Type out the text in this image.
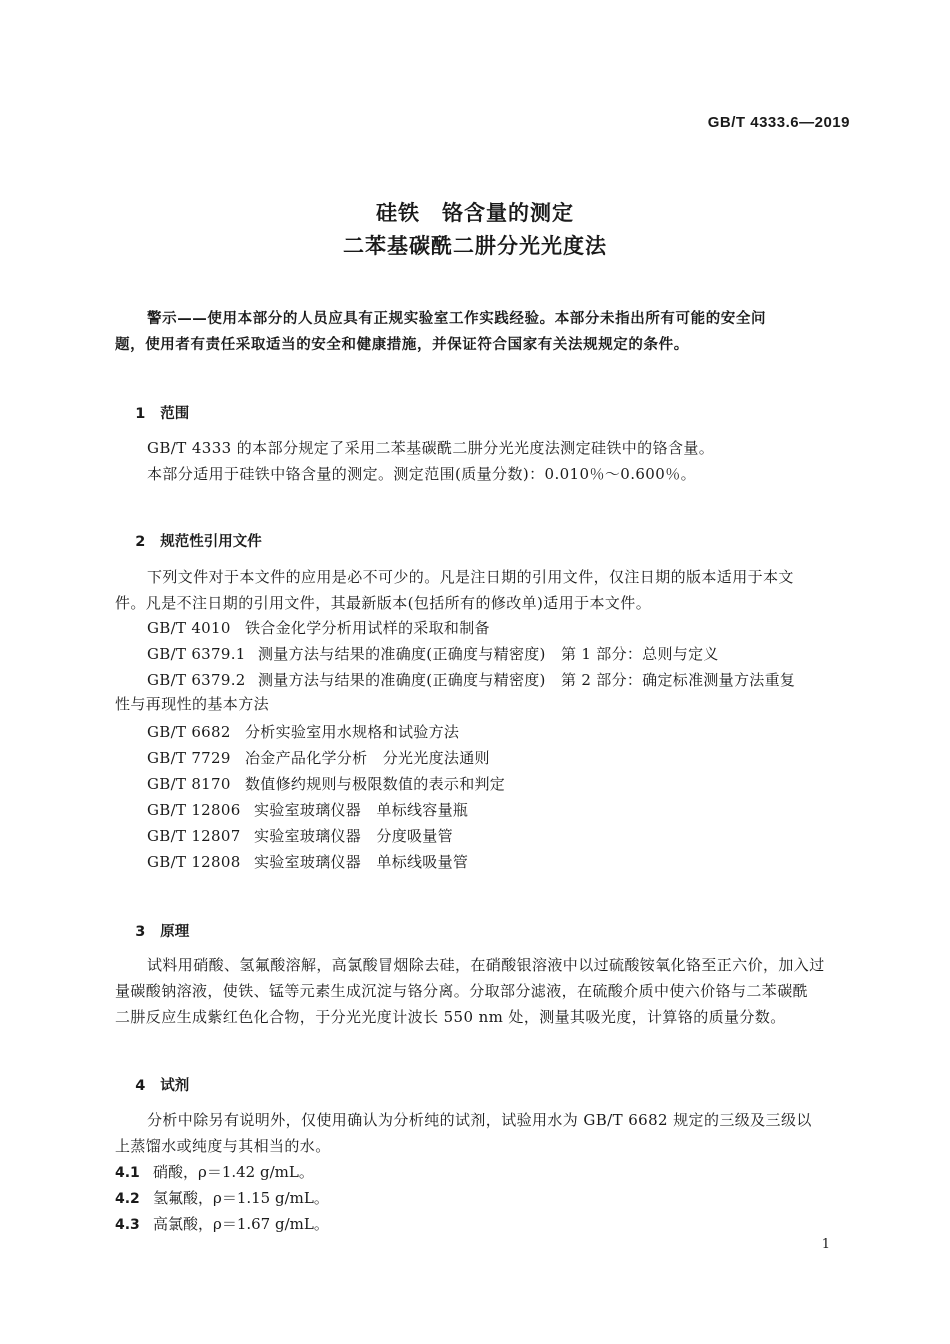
GB/T 4333.6—2019
硅铁　铬含量的测定
二苯基碳酰二肼分光光度法
警示——使用本部分的人员应具有正规实验室工作实践经验。本部分未指出所有可能的安全问
题，使用者有责任采取适当的安全和健康措施，并保证符合国家有关法规规定的条件。

1 范围

GB/T 4333 的本部分规定了采用二苯基碳酰二肼分光光度法测定硅铁中的铬含量。
本部分适用于硅铁中铬含量的测定。测定范围(质量分数)：0.010％～0.600％。

2 规范性引用文件

下列文件对于本文件的应用是必不可少的。凡是注日期的引用文件，仅注日期的版本适用于本文
件。凡是不注日期的引用文件，其最新版本(包括所有的修改单)适用于本文件。
GB/T 4010 铁合金化学分析用试样的采取和制备
GB/T 6379.1 测量方法与结果的准确度(正确度与精密度)　第 1 部分：总则与定义
GB/T 6379.2 测量方法与结果的准确度(正确度与精密度)　第 2 部分：确定标准测量方法重复
性与再现性的基本方法
GB/T 6682 分析实验室用水规格和试验方法
GB/T 7729 冶金产品化学分析　分光光度法通则
GB/T 8170 数值修约规则与极限数值的表示和判定
GB/T 12806 实验室玻璃仪器　单标线容量瓶
GB/T 12807 实验室玻璃仪器　分度吸量管
GB/T 12808 实验室玻璃仪器　单标线吸量管

3 原理

试料用硝酸、氢氟酸溶解，高氯酸冒烟除去硅，在硝酸银溶液中以过硫酸铵氧化铬至正六价，加入过
量碳酸钠溶液，使铁、锰等元素生成沉淀与铬分离。分取部分滤液，在硫酸介质中使六价铬与二苯碳酰
二肼反应生成紫红色化合物，于分光光度计波长 550 nm 处，测量其吸光度，计算铬的质量分数。

4 试剂

分析中除另有说明外，仅使用确认为分析纯的试剂，试验用水为 GB/T 6682 规定的三级及三级以
上蒸馏水或纯度与其相当的水。
4.1 硝酸，ρ＝1.42 g/mL。
4.2 氢氟酸，ρ＝1.15 g/mL。
4.3 高氯酸，ρ＝1.67 g/mL。
1
